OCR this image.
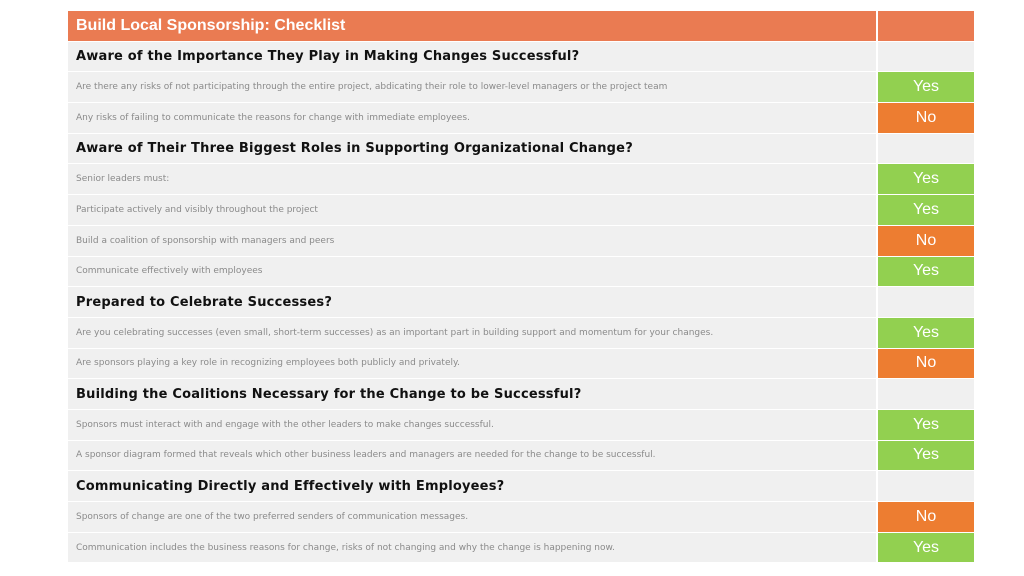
Build Local Sponsorship: Checklist
Aware of the Importance They Play in Making Changes Successful?
Are there any risks of not participating through the entire project, abdicating their role to lower-level managers or the project team	Yes
Any risks of failing to communicate the reasons for change with immediate employees.	No
Aware of Their Three Biggest Roles in Supporting Organizational Change?
Senior leaders must:	Yes
Participate actively and visibly throughout the project	Yes
Build a coalition of sponsorship with managers and peers	No
Communicate effectively with employees	Yes
Prepared to Celebrate Successes?
Are you celebrating successes (even small, short-term successes) as an important part in building support and momentum for your changes.	Yes
Are sponsors playing a key role in recognizing employees both publicly and privately.	No
Building the Coalitions Necessary for the Change to be Successful?
Sponsors must interact with and engage with the other leaders to make changes successful.	Yes
A sponsor diagram formed that reveals which other business leaders and managers are needed for the change to be successful.	Yes
Communicating Directly and Effectively with Employees?
Sponsors of change are one of the two preferred senders of communication messages.	No
Communication includes the business reasons for change, risks of not changing and why the change is happening now.	Yes
